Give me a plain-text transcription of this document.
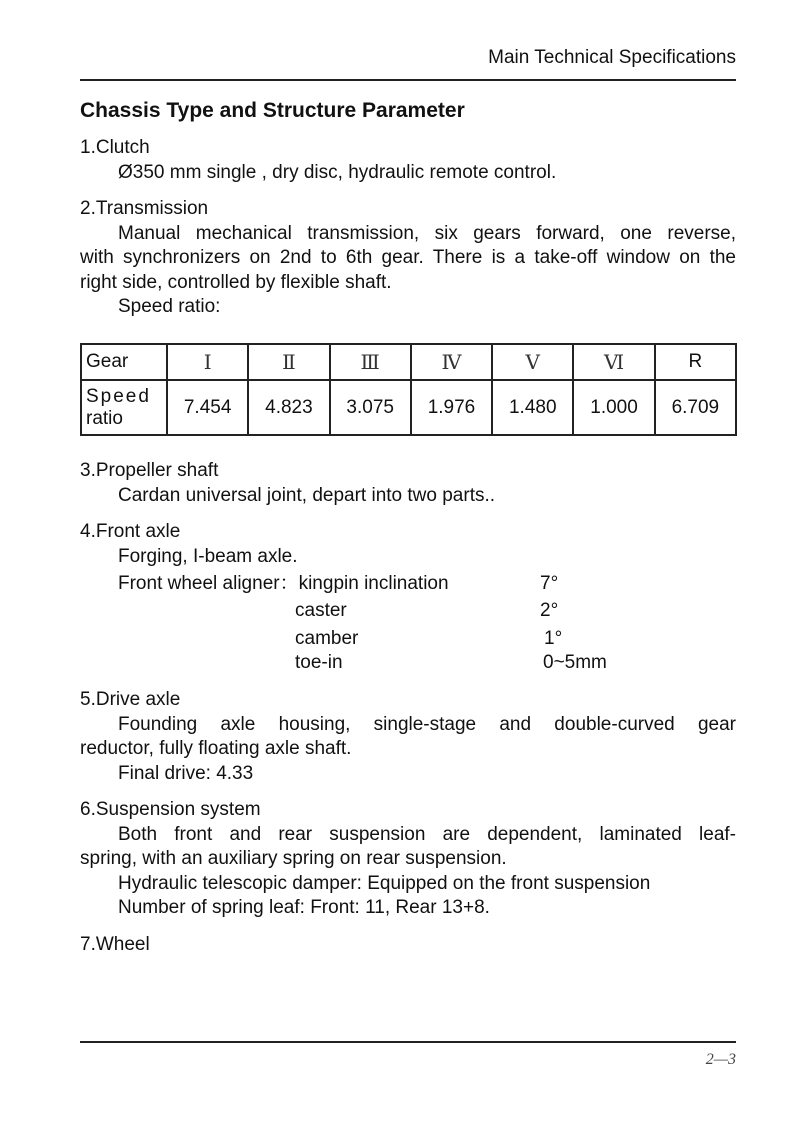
Main Technical Specifications
Chassis Type and Structure Parameter
1.Clutch
Ø350 mm single , dry disc, hydraulic remote control.
2.Transmission
Manual mechanical transmission, six gears forward, one reverse,
with synchronizers on 2nd to 6th gear. There is a take-off window on the
right side, controlled by flexible shaft.
Speed ratio:
Gear	Ⅰ	Ⅱ	Ⅲ	Ⅳ	Ⅴ	Ⅵ	R

Speed
ratio	7.454	4.823	3.075	1.976	1.480	1.000	6.709
3.Propeller shaft
Cardan universal joint, depart into two parts..
4.Front axle
Forging, I-beam axle.
Front wheel aligner：kingpin inclination	7°
caster	2°
camber	1°
toe-in	0~5mm
5.Drive axle
Founding axle housing, single-stage and double-curved gear
reductor, fully floating axle shaft.
Final drive: 4.33
6.Suspension system
Both front and rear suspension are dependent, laminated leaf-
spring, with an auxiliary spring on rear suspension.
Hydraulic telescopic damper: Equipped on the front suspension
Number of spring leaf: Front: 11, Rear 13+8.
7.Wheel
2—3
